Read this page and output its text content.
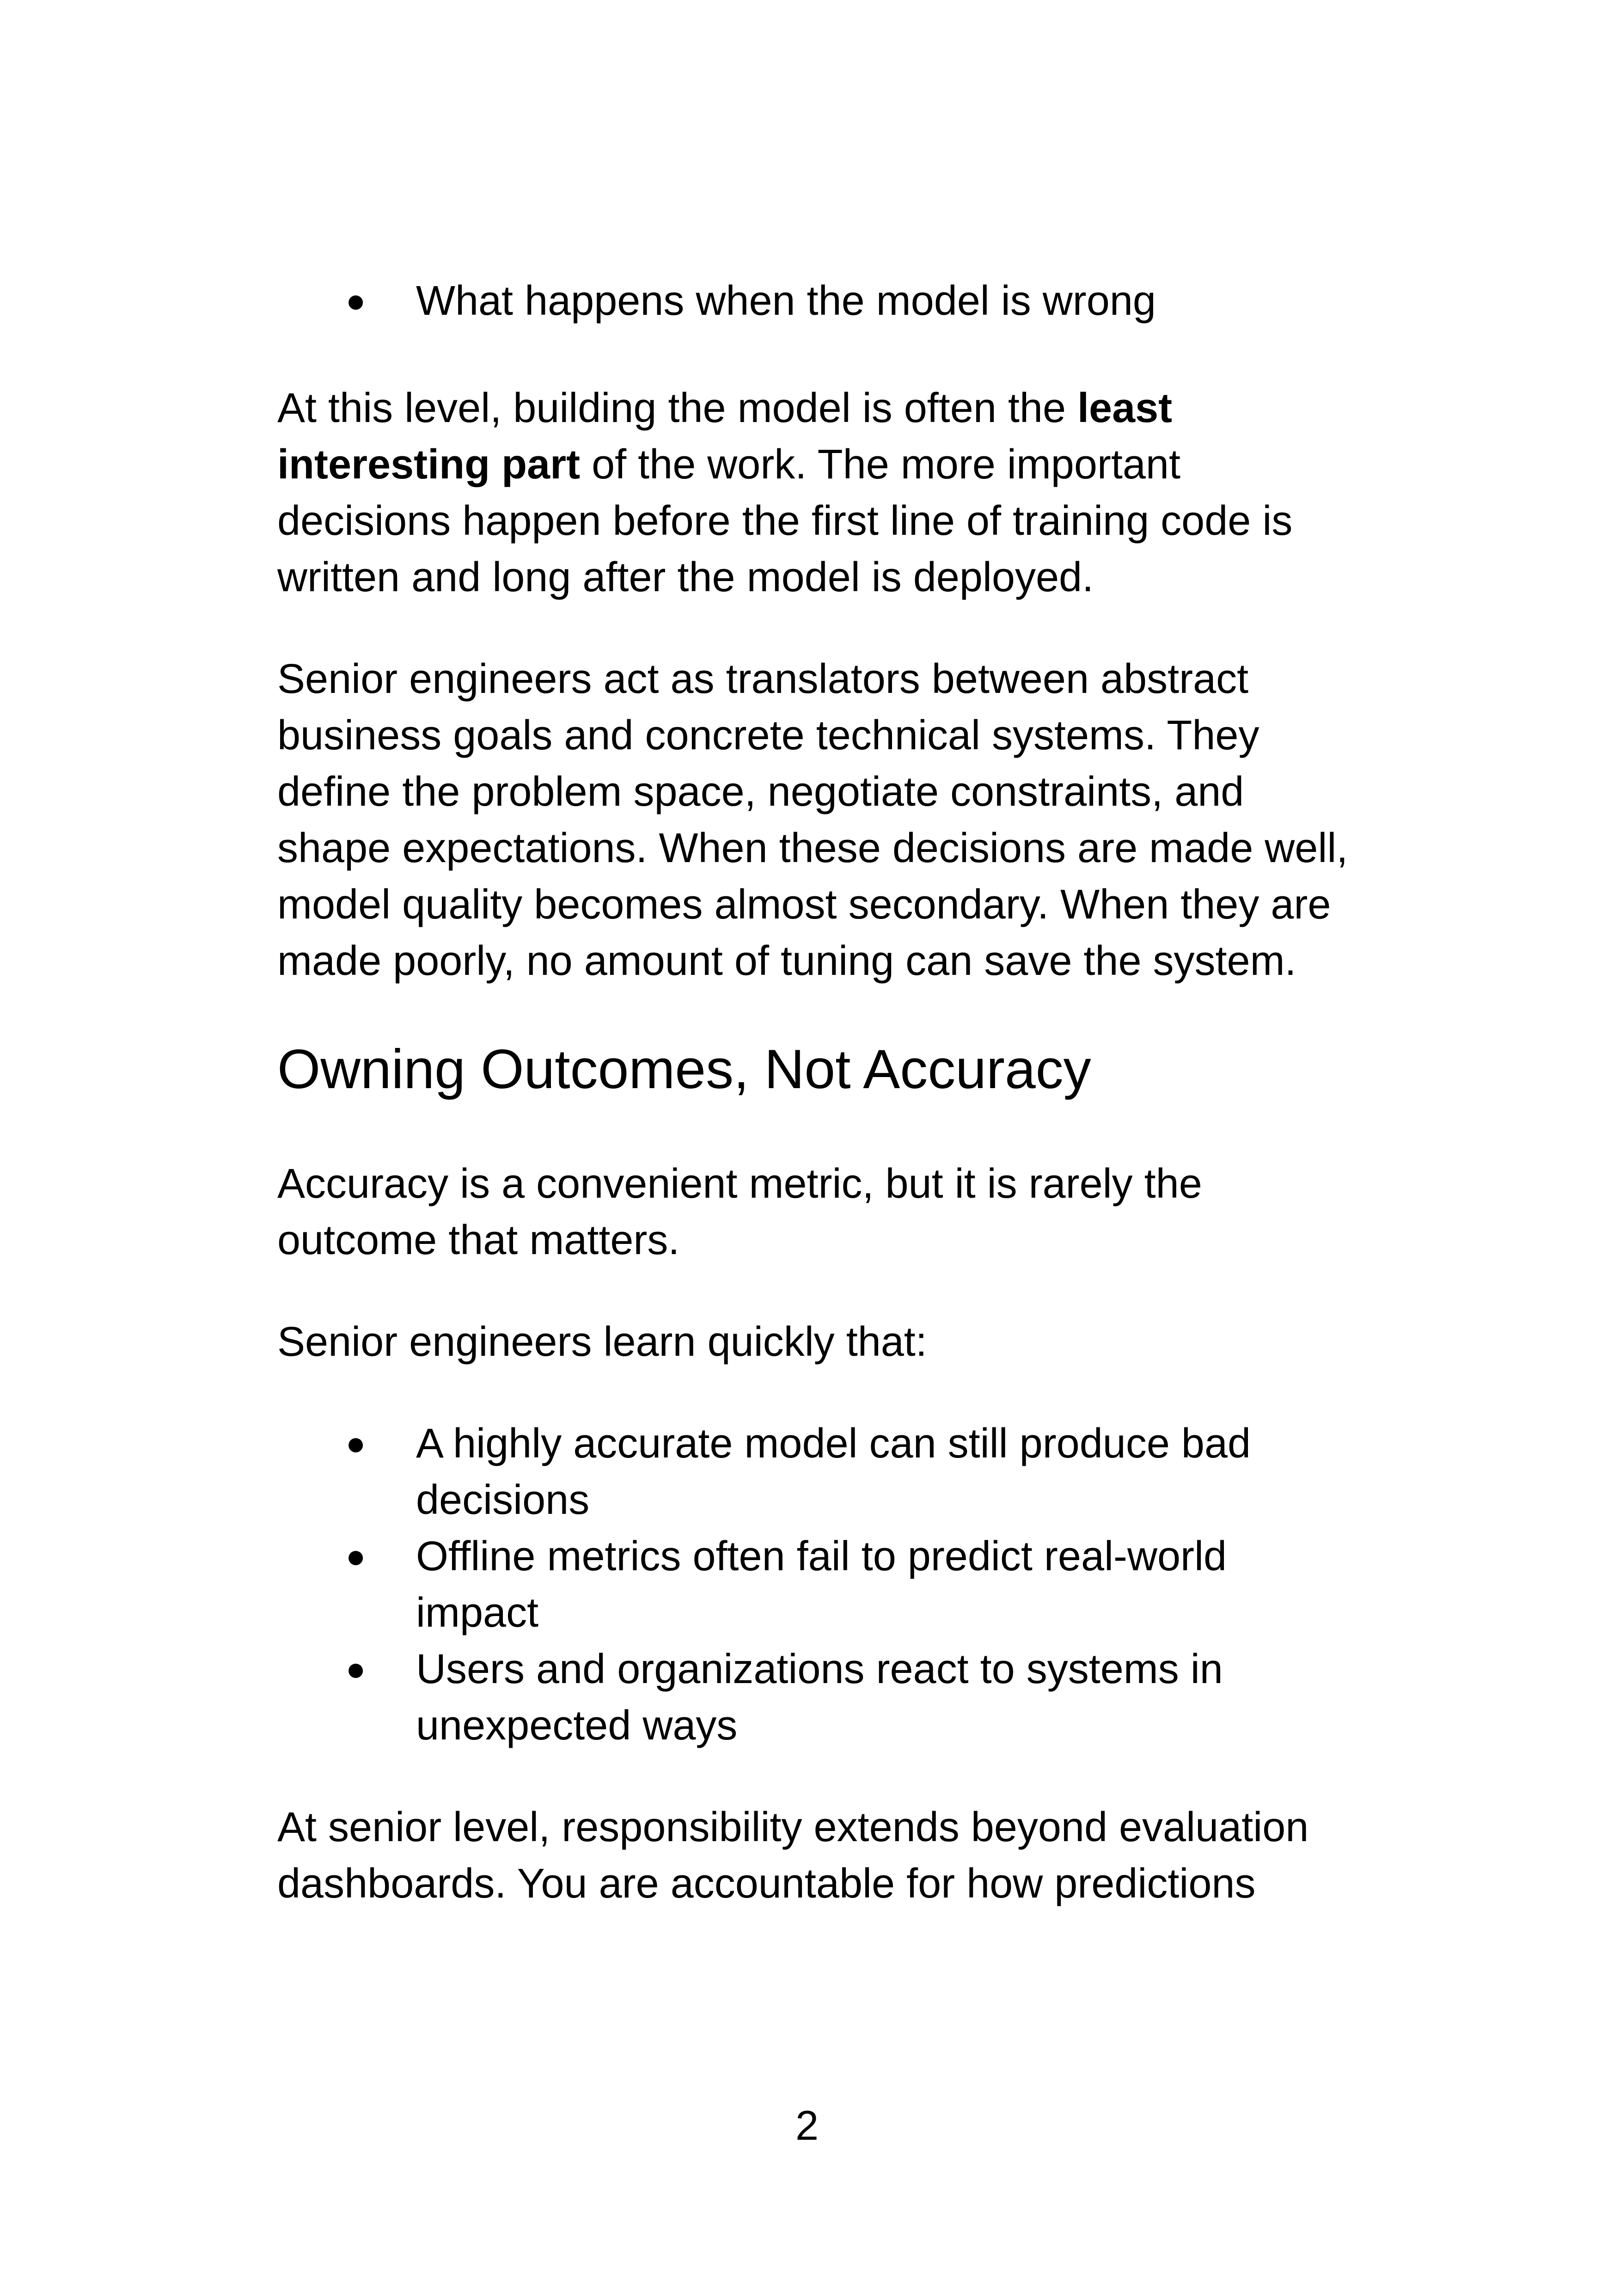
● What happens when the model is wrong

At this level, building the model is often the least interesting part of the work. The more important decisions happen before the first line of training code is written and long after the model is deployed.

Senior engineers act as translators between abstract business goals and concrete technical systems. They define the problem space, negotiate constraints, and shape expectations. When these decisions are made well, model quality becomes almost secondary. When they are made poorly, no amount of tuning can save the system.

Owning Outcomes, Not Accuracy

Accuracy is a convenient metric, but it is rarely the outcome that matters.

Senior engineers learn quickly that:

● A highly accurate model can still produce bad decisions
● Offline metrics often fail to predict real-world impact
● Users and organizations react to systems in unexpected ways

At senior level, responsibility extends beyond evaluation dashboards. You are accountable for how predictions

2
